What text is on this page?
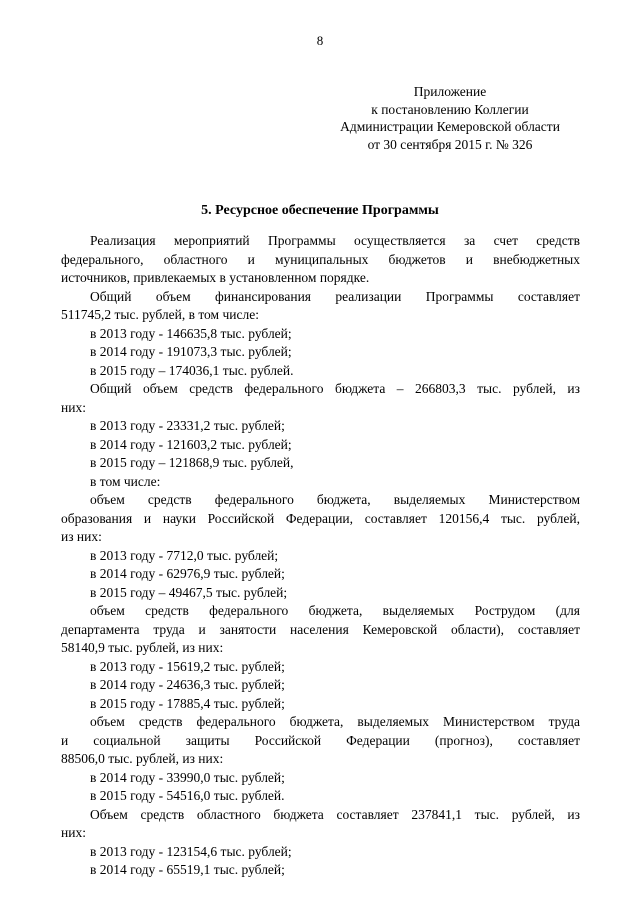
8
Приложение
к постановлению Коллегии
Администрации Кемеровской области
от 30 сентября 2015 г. № 326
5. Ресурсное обеспечение Программы
Реализация мероприятий Программы осуществляется за счет средств
федерального, областного и муниципальных бюджетов и внебюджетных
источников, привлекаемых в установленном порядке.
Общий объем финансирования реализации Программы составляет
511745,2 тыс. рублей, в том числе:
в 2013 году - 146635,8 тыс. рублей;
в 2014 году - 191073,3 тыс. рублей;
в 2015 году – 174036,1 тыс. рублей.
Общий объем средств федерального бюджета – 266803,3 тыс. рублей, из
них:
в 2013 году - 23331,2 тыс. рублей;
в 2014 году - 121603,2 тыс. рублей;
в 2015 году – 121868,9 тыс. рублей,
в том числе:
объем средств федерального бюджета, выделяемых Министерством
образования и науки Российской Федерации, составляет 120156,4 тыс. рублей,
из них:
в 2013 году - 7712,0 тыс. рублей;
в 2014 году - 62976,9 тыс. рублей;
в 2015 году – 49467,5 тыс. рублей;
объем средств федерального бюджета, выделяемых Рострудом (для
департамента труда и занятости населения Кемеровской области), составляет
58140,9 тыс. рублей, из них:
в 2013 году - 15619,2 тыс. рублей;
в 2014 году - 24636,3 тыс. рублей;
в 2015 году - 17885,4 тыс. рублей;
объем средств федерального бюджета, выделяемых Министерством труда
и социальной защиты Российской Федерации (прогноз), составляет
88506,0 тыс. рублей, из них:
в 2014 году - 33990,0 тыс. рублей;
в 2015 году - 54516,0 тыс. рублей.
Объем средств областного бюджета составляет 237841,1 тыс. рублей, из
них:
в 2013 году - 123154,6 тыс. рублей;
в 2014 году - 65519,1 тыс. рублей;
